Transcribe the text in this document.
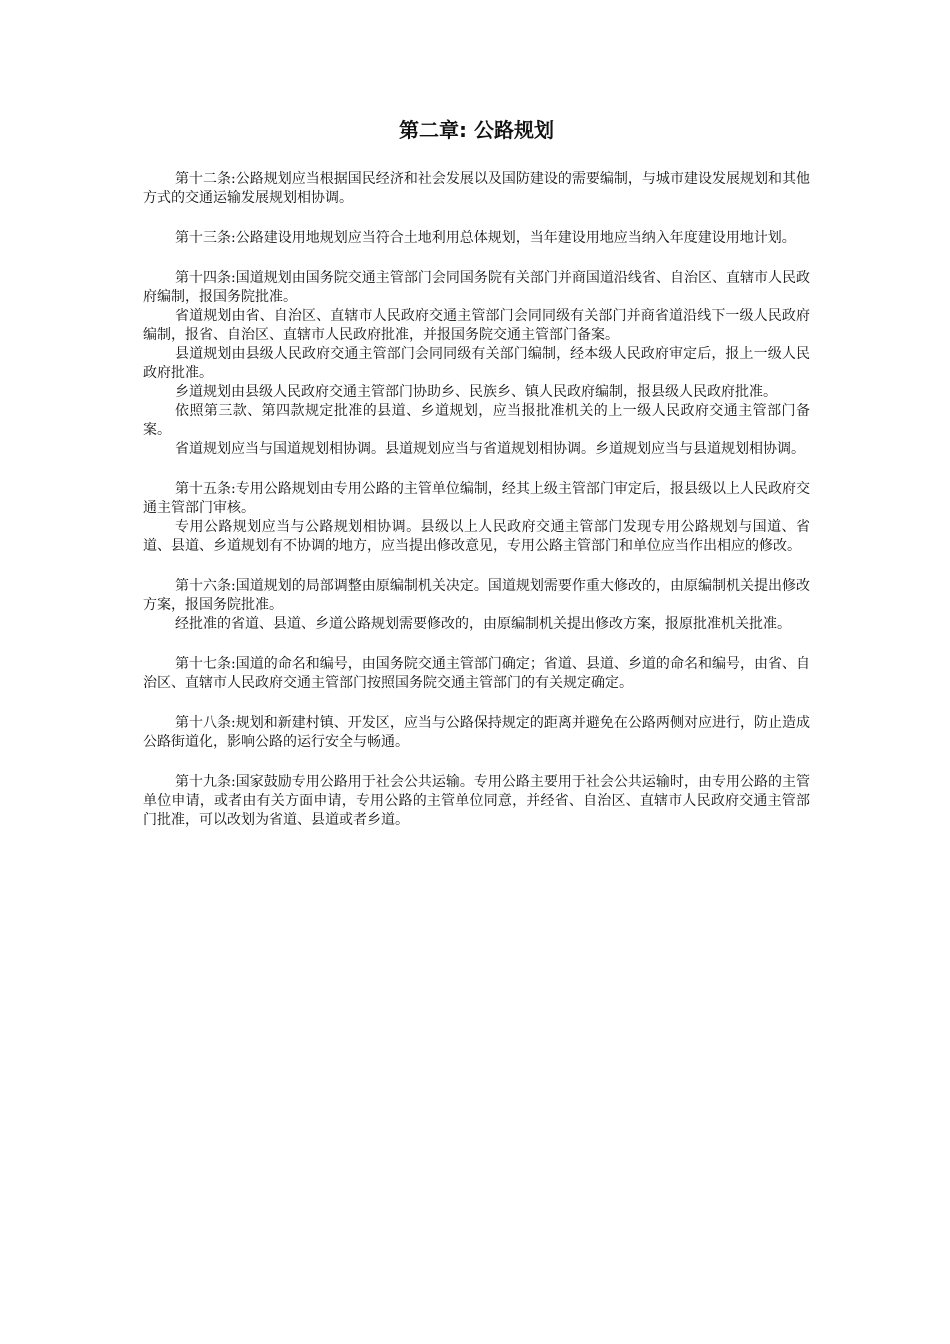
第二章: 公路规划

第十二条:公路规划应当根据国民经济和社会发展以及国防建设的需要编制，与城市建设发展规划和其他方式的交通运输发展规划相协调。

第十三条:公路建设用地规划应当符合土地利用总体规划，当年建设用地应当纳入年度建设用地计划。

第十四条:国道规划由国务院交通主管部门会同国务院有关部门并商国道沿线省、自治区、直辖市人民政府编制，报国务院批准。

省道规划由省、自治区、直辖市人民政府交通主管部门会同同级有关部门并商省道沿线下一级人民政府编制，报省、自治区、直辖市人民政府批准，并报国务院交通主管部门备案。

县道规划由县级人民政府交通主管部门会同同级有关部门编制，经本级人民政府审定后，报上一级人民政府批准。

乡道规划由县级人民政府交通主管部门协助乡、民族乡、镇人民政府编制，报县级人民政府批准。

依照第三款、第四款规定批准的县道、乡道规划，应当报批准机关的上一级人民政府交通主管部门备案。

省道规划应当与国道规划相协调。县道规划应当与省道规划相协调。乡道规划应当与县道规划相协调。

第十五条:专用公路规划由专用公路的主管单位编制，经其上级主管部门审定后，报县级以上人民政府交通主管部门审核。

专用公路规划应当与公路规划相协调。县级以上人民政府交通主管部门发现专用公路规划与国道、省道、县道、乡道规划有不协调的地方，应当提出修改意见，专用公路主管部门和单位应当作出相应的修改。

第十六条:国道规划的局部调整由原编制机关决定。国道规划需要作重大修改的，由原编制机关提出修改方案，报国务院批准。

经批准的省道、县道、乡道公路规划需要修改的，由原编制机关提出修改方案，报原批准机关批准。

第十七条:国道的命名和编号，由国务院交通主管部门确定；省道、县道、乡道的命名和编号，由省、自治区、直辖市人民政府交通主管部门按照国务院交通主管部门的有关规定确定。

第十八条:规划和新建村镇、开发区，应当与公路保持规定的距离并避免在公路两侧对应进行，防止造成公路街道化，影响公路的运行安全与畅通。

第十九条:国家鼓励专用公路用于社会公共运输。专用公路主要用于社会公共运输时，由专用公路的主管单位申请，或者由有关方面申请，专用公路的主管单位同意，并经省、自治区、直辖市人民政府交通主管部门批准，可以改划为省道、县道或者乡道。
